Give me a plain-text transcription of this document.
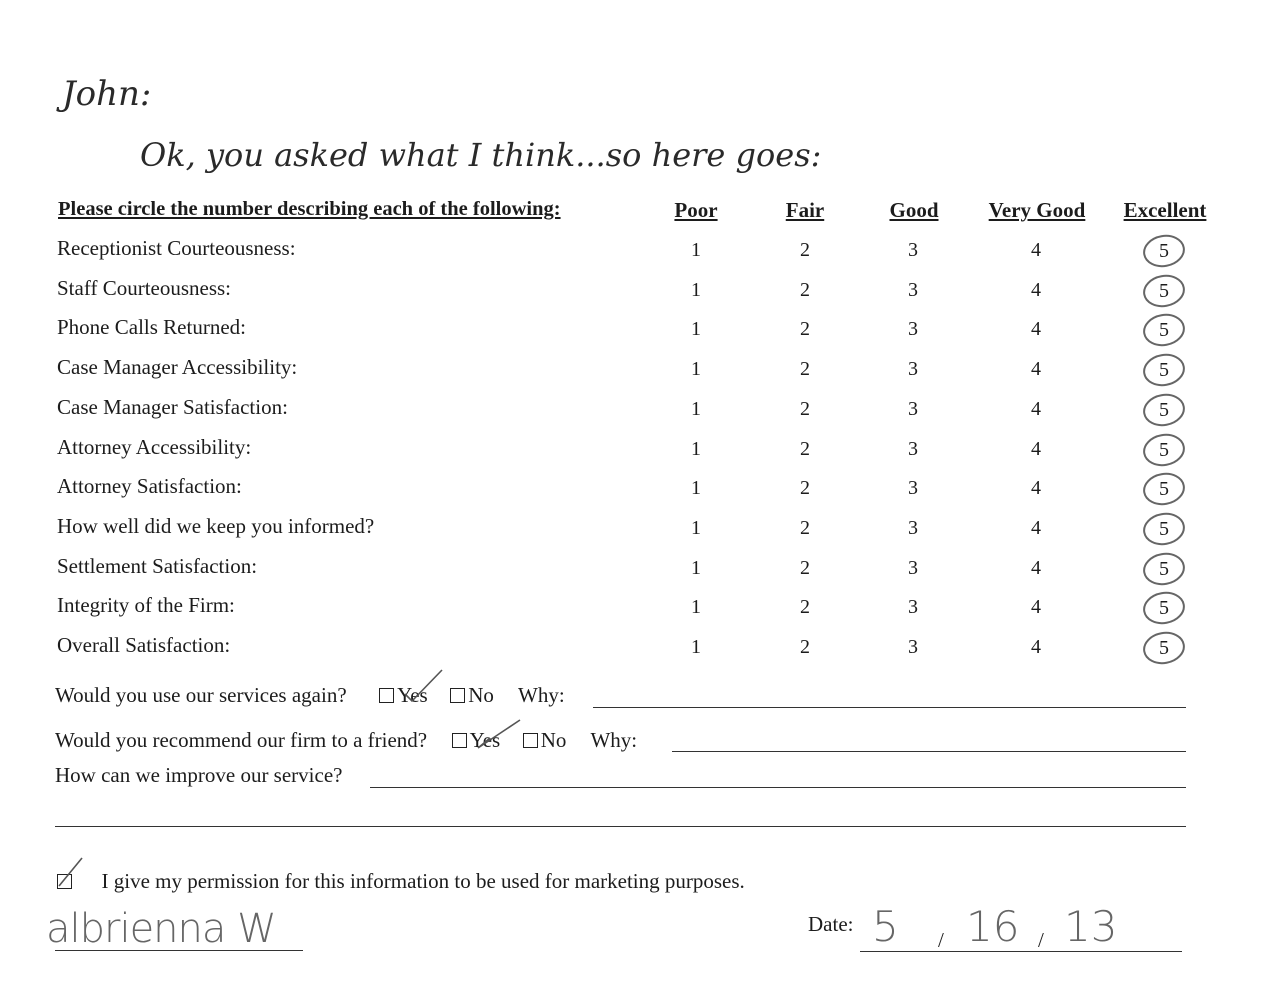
John:
Ok, you asked what I think...so here goes:
Please circle the number describing each of the following:	Poor	Fair	Good	Very Good	Excellent
Receptionist Courteousness:	1	2	3	4	5
Staff Courteousness:	1	2	3	4	5
Phone Calls Returned:	1	2	3	4	5
Case Manager Accessibility:	1	2	3	4	5
Case Manager Satisfaction:	1	2	3	4	5
Attorney Accessibility:	1	2	3	4	5
Attorney Satisfaction:	1	2	3	4	5
How well did we keep you informed?	1	2	3	4	5
Settlement Satisfaction:	1	2	3	4	5
Integrity of the Firm:	1	2	3	4	5
Overall Satisfaction:	1	2	3	4	5
Would you use our services again? Yes No Why:
Would you recommend our firm to a friend? Yes No Why:
How can we improve our service?
I give my permission for this information to be used for marketing purposes.
albrienna W	Date:
/	/
5 16 13
